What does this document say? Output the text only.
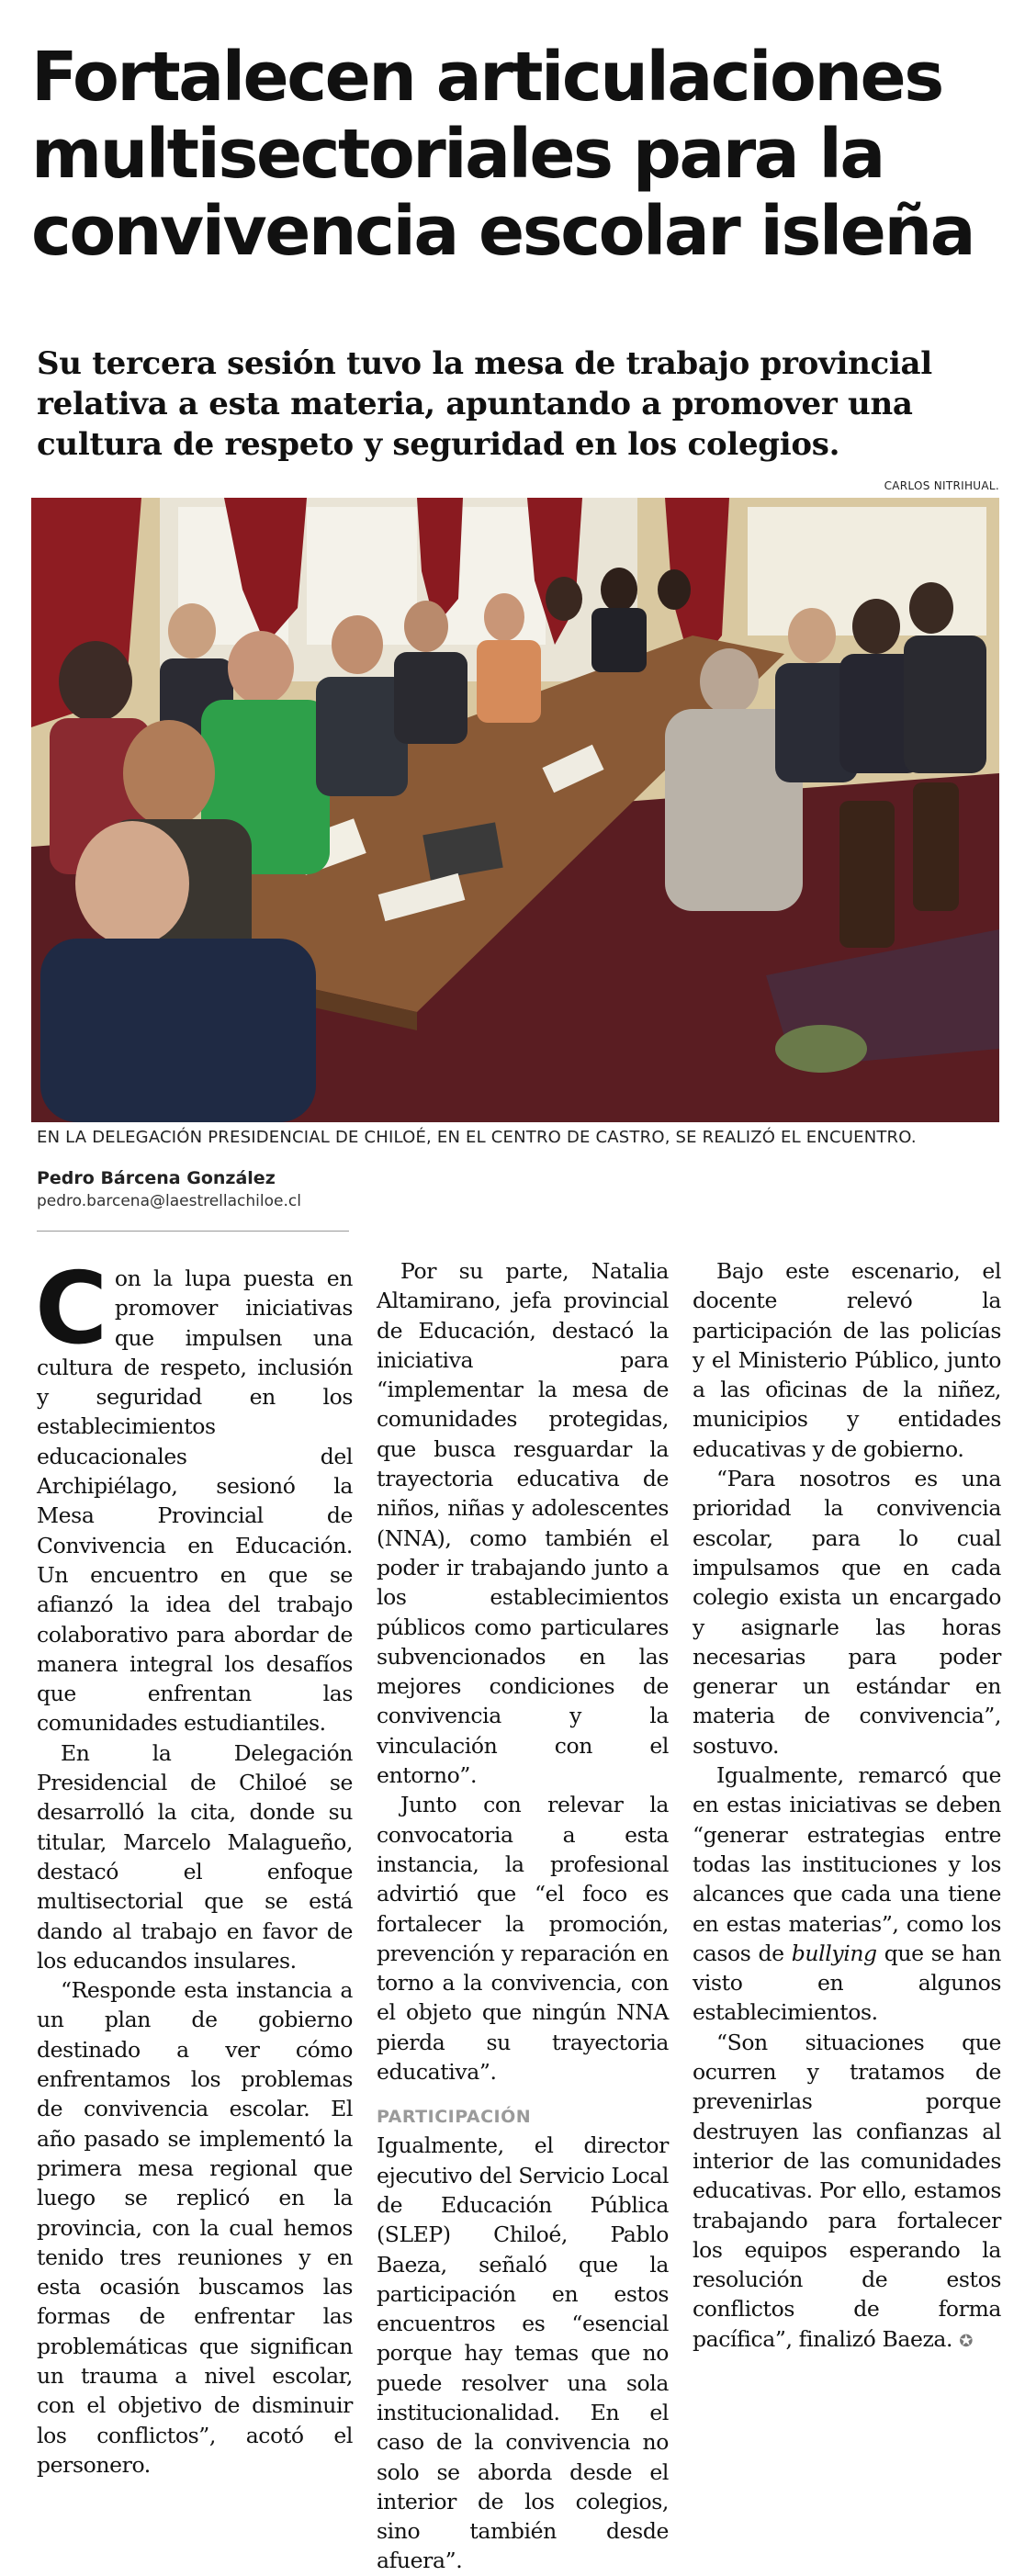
Fortalecen articulaciones
multisectoriales para la
convivencia escolar isleña
Su tercera sesión tuvo la mesa de trabajo provincial relativa a esta materia, apuntando a promover una cultura de respeto y seguridad en los colegios.
CARLOS NITRIHUAL.
EN LA DELEGACIÓN PRESIDENCIAL DE CHILOÉ, EN EL CENTRO DE CASTRO, SE REALIZÓ EL ENCUENTRO.
Pedro Bárcena González
pedro.barcena@laestrellachiloe.cl

Con la lupa puesta en promover iniciativas que impulsen una cultura de respeto, inclusión y seguridad en los establecimientos educacionales del Archipiélago, sesionó la Mesa Provincial de Convivencia en Educación. Un encuentro en que se afianzó la idea del trabajo colaborativo para abordar de manera integral los desafíos que enfrentan las comunidades estudiantiles.

En la Delegación Presidencial de Chiloé se desarrolló la cita, donde su titular, Marcelo Malagueño, destacó el enfoque multisectorial que se está dando al trabajo en favor de los educandos insulares.

“Responde esta instancia a un plan de gobierno destinado a ver cómo enfrentamos los problemas de convivencia escolar. El año pasado se implementó la primera mesa regional que luego se replicó en la provincia, con la cual hemos tenido tres reuniones y en esta ocasión buscamos las formas de enfrentar las problemáticas que significan un trauma a nivel escolar, con el objetivo de disminuir los conflictos”, acotó el personero.

Por su parte, Natalia Altamirano, jefa provincial de Educación, destacó la iniciativa para “implementar la mesa de comunidades protegidas, que busca resguardar la trayectoria educativa de niños, niñas y adolescentes (NNA), como también el poder ir trabajando junto a los establecimientos públicos como particulares subvencionados en las mejores condiciones de convivencia y la vinculación con el entorno”.

Junto con relevar la convocatoria a esta instancia, la profesional advirtió que “el foco es fortalecer la promoción, prevención y reparación en torno a la convivencia, con el objeto que ningún NNA pierda su trayectoria educativa”.

PARTICIPACIÓN

Igualmente, el director ejecutivo del Servicio Local de Educación Pública (SLEP) Chiloé, Pablo Baeza, señaló que la participación en estos encuentros es “esencial porque hay temas que no puede resolver una sola institucionalidad. En el caso de la convivencia no solo se aborda desde el interior de los colegios, sino también desde afuera”.

Bajo este escenario, el docente relevó la participación de las policías y el Ministerio Público, junto a las oficinas de la niñez, municipios y entidades educativas y de gobierno.

“Para nosotros es una prioridad la convivencia escolar, para lo cual impulsamos que en cada colegio exista un encargado y asignarle las horas necesarias para poder generar un estándar en materia de convivencia”, sostuvo.

Igualmente, remarcó que en estas iniciativas se deben “generar estrategias entre todas las instituciones y los alcances que cada una tiene en estas materias”, como los casos de bullying que se han visto en algunos establecimientos.

“Son situaciones que ocurren y tratamos de prevenirlas porque destruyen las confianzas al interior de las comunidades educativas. Por ello, estamos trabajando para fortalecer los equipos esperando la resolución de estos conflictos de forma pacífica”, finalizó Baeza. ✪
